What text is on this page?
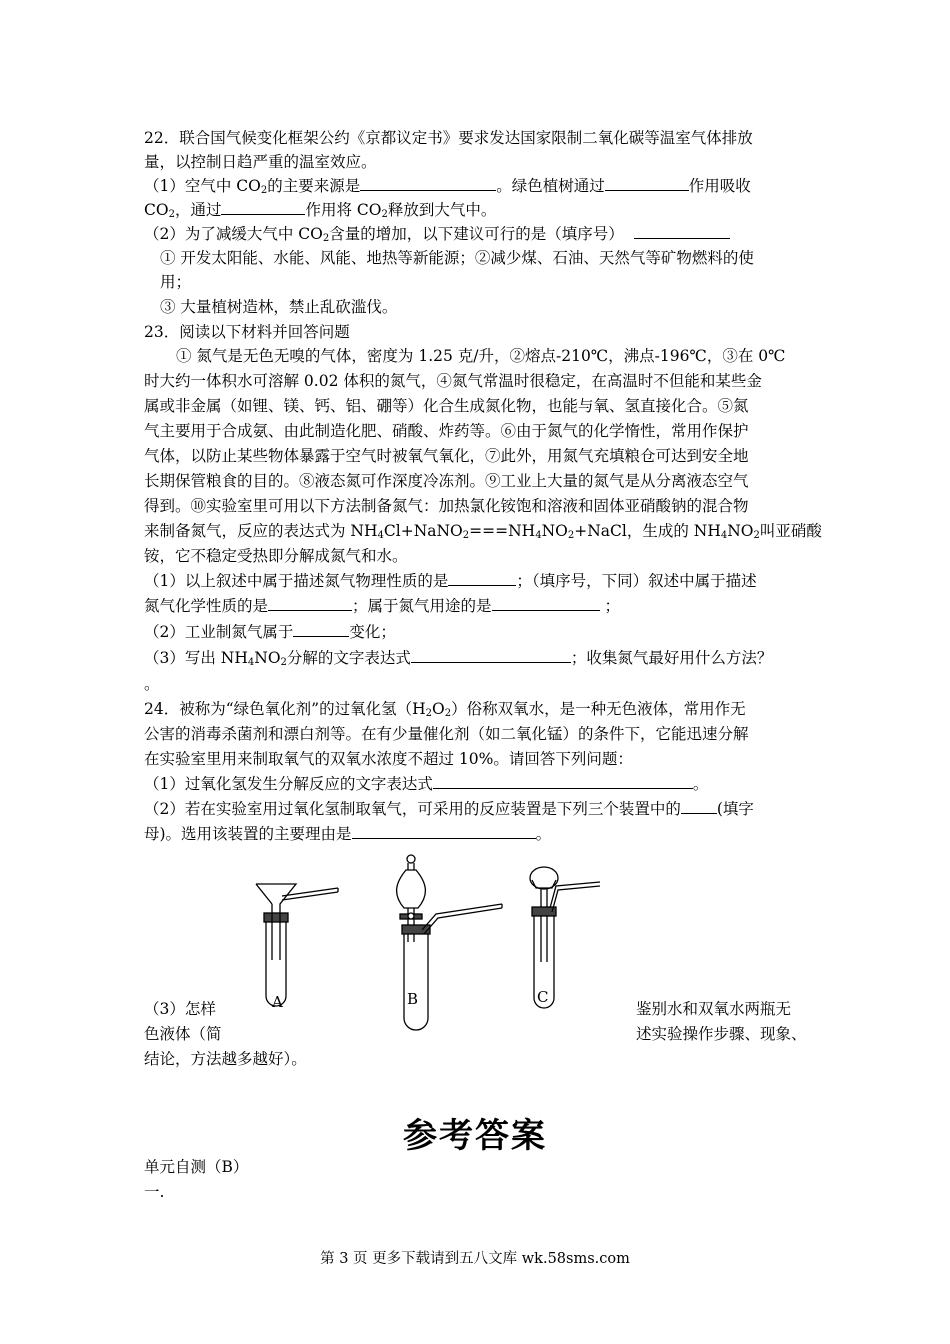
22．联合国气候变化框架公约《京都议定书》要求发达国家限制二氧化碳等温室气体排放
量，以控制日趋严重的温室效应。
（1）空气中 $CO_2$的主要来源是	。绿色植树通过	作用吸收
$CO_2$，通过	作用将 $CO_2$释放到大气中。
（2）为了减缓大气中 $CO_2$含量的增加，以下建议可行的是（填序号）
① 开发太阳能、水能、风能、地热等新能源；②减少煤、石油、天然气等矿物燃料的使
用；
③ 大量植树造林，禁止乱砍滥伐。
23．阅读以下材料并回答问题
① 氮气是无色无嗅的气体，密度为 1.25 克/升，②熔点-210℃，沸点-196℃，③在 0℃
时大约一体积水可溶解 0.02 体积的氮气，④氮气常温时很稳定，在高温时不但能和某些金
属或非金属（如锂、镁、钙、铝、硼等）化合生成氮化物，也能与氧、氢直接化合。⑤氮
气主要用于合成氨、由此制造化肥、硝酸、炸药等。⑥由于氮气的化学惰性，常用作保护
气体，以防止某些物体暴露于空气时被氧气氧化，⑦此外，用氮气充填粮仓可达到安全地
长期保管粮食的目的。⑧液态氮可作深度冷冻剂。⑨工业上大量的氮气是从分离液态空气
得到。⑩实验室里可用以下方法制备氮气：加热氯化铵饱和溶液和固体亚硝酸钠的混合物
来制备氮气，反应的表达式为 $NH_4Cl+NaNO_2===NH_4NO_2+NaCl$，生成的 $NH_4NO_2$叫亚硝酸
铵，它不稳定受热即分解成氮气和水。
（1）以上叙述中属于描述氮气物理性质的是	；（填序号，下同）叙述中属于描述
氮气化学性质的是	；属于氮气用途的是	；
（2）工业制氮气属于	变化；
（3）写出 $NH_4NO_2$分解的文字表达式	；收集氮气最好用什么方法？
。
24．被称为“绿色氧化剂”的过氧化氢$(H_2O_2)$俗称双氧水，是一种无色液体，常用作无
公害的消毒杀菌剂和漂白剂等。在有少量催化剂（如二氧化锰）的条件下，它能迅速分解
在实验室里用来制取氧气的双氧水浓度不超过 10%。请回答下列问题：
（1）过氧化氢发生分解反应的文字表达式	。
（2）若在实验室用过氧化氢制取氧气，可采用的反应装置是下列三个装置中的 (填字
母)。选用该装置的主要理由是	。
A	B	C
（3）怎样	鉴别水和双氧水两瓶无
色液体（简	述实验操作步骤、现象、
结论，方法越多越好）。
参考答案
单元自测（B）
一.
第 3 页 更多下载请到五八文库 wk.58sms.com
